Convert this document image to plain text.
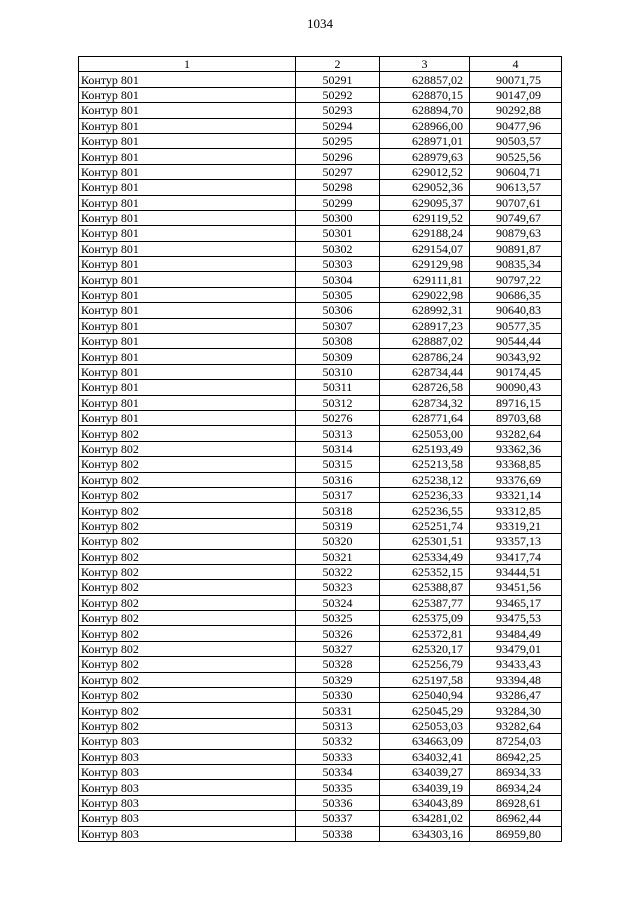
1034
1	2	3	4
Контур 801	50291	628857,02	90071,75
Контур 801	50292	628870,15	90147,09
Контур 801	50293	628894,70	90292,88
Контур 801	50294	628966,00	90477,96
Контур 801	50295	628971,01	90503,57
Контур 801	50296	628979,63	90525,56
Контур 801	50297	629012,52	90604,71
Контур 801	50298	629052,36	90613,57
Контур 801	50299	629095,37	90707,61
Контур 801	50300	629119,52	90749,67
Контур 801	50301	629188,24	90879,63
Контур 801	50302	629154,07	90891,87
Контур 801	50303	629129,98	90835,34
Контур 801	50304	629111,81	90797,22
Контур 801	50305	629022,98	90686,35
Контур 801	50306	628992,31	90640,83
Контур 801	50307	628917,23	90577,35
Контур 801	50308	628887,02	90544,44
Контур 801	50309	628786,24	90343,92
Контур 801	50310	628734,44	90174,45
Контур 801	50311	628726,58	90090,43
Контур 801	50312	628734,32	89716,15
Контур 801	50276	628771,64	89703,68
Контур 802	50313	625053,00	93282,64
Контур 802	50314	625193,49	93362,36
Контур 802	50315	625213,58	93368,85
Контур 802	50316	625238,12	93376,69
Контур 802	50317	625236,33	93321,14
Контур 802	50318	625236,55	93312,85
Контур 802	50319	625251,74	93319,21
Контур 802	50320	625301,51	93357,13
Контур 802	50321	625334,49	93417,74
Контур 802	50322	625352,15	93444,51
Контур 802	50323	625388,87	93451,56
Контур 802	50324	625387,77	93465,17
Контур 802	50325	625375,09	93475,53
Контур 802	50326	625372,81	93484,49
Контур 802	50327	625320,17	93479,01
Контур 802	50328	625256,79	93433,43
Контур 802	50329	625197,58	93394,48
Контур 802	50330	625040,94	93286,47
Контур 802	50331	625045,29	93284,30
Контур 802	50313	625053,03	93282,64
Контур 803	50332	634663,09	87254,03
Контур 803	50333	634032,41	86942,25
Контур 803	50334	634039,27	86934,33
Контур 803	50335	634039,19	86934,24
Контур 803	50336	634043,89	86928,61
Контур 803	50337	634281,02	86962,44
Контур 803	50338	634303,16	86959,80
